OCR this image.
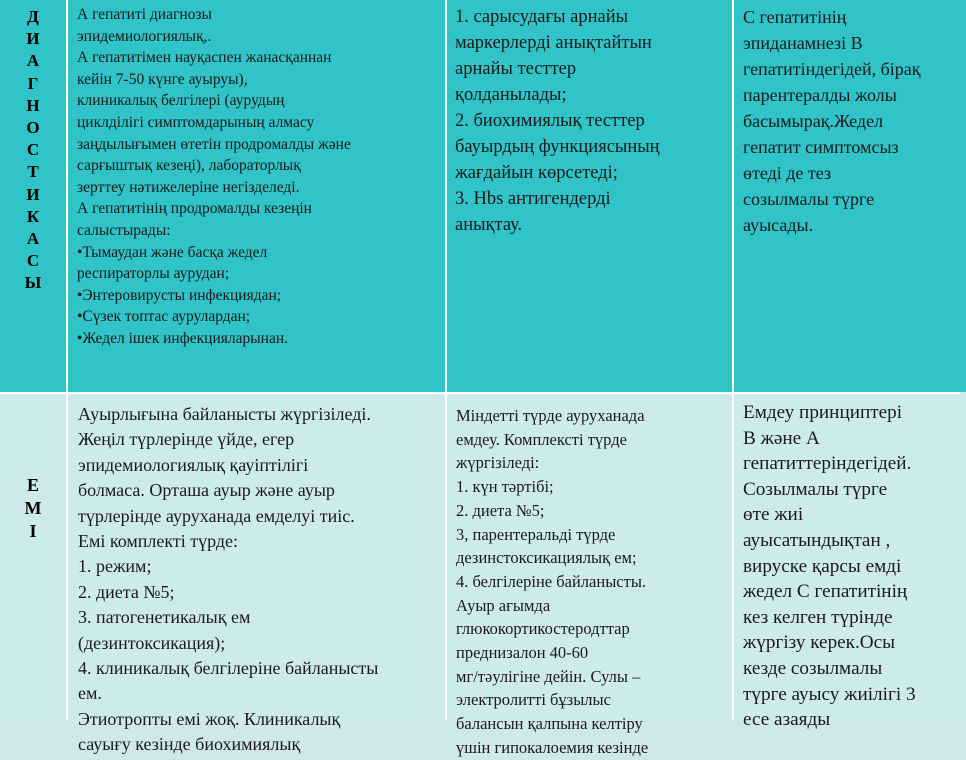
Д
И
А
Г
Н
О
С
Т
И
К
А
С
Ы
А гепатиті диагнозы
эпидемиологиялық,.
А гепатитімен науқаспен жанасқаннан
кейін 7-50 күнге ауыруы),
клиникалық белгілері (аурудың
циклділігі симптомдарының алмасу
заңдылығымен өтетін продромалды және
сарғыштық кезеңі), лабораторлық
зерттеу нәтижелеріне негізделеді.
А гепатитінің продромалды кезеңін
салыстырады:
•Тымаудан және басқа жедел
респираторлы аурудан;
•Энтеровирусты инфекциядан;
•Сүзек топтас аурулардан;
•Жедел ішек инфекцияларынан.
1. сарысудағы арнайы
маркерлерді анықтайтын
арнайы тесттер
қолданылады;
2. биохимиялық тесттер
бауырдың функциясының
жағдайын көрсетеді;
3. Hbs антигендерді
анықтау.
С гепатитінің
эпиданамнезі В
гепатитіндегідей, бірақ
парентералды жолы
басымырақ.Жедел
гепатит симптомсыз
өтеді де тез
созылмалы түрге
ауысады.
Е
М
І
Ауырлығына байланысты жүргізіледі.
Жеңіл түрлерінде үйде, егер
эпидемиологиялық қауіптілігі
болмаса. Орташа ауыр және ауыр
түрлерінде ауруханада емделуі тиіс.
Емі комплекті түрде:
1. режим;
2. диета №5;
3. патогенетикалық ем
(дезинтоксикация);
4. клиникалық белгілеріне байланысты
ем.
Этиотропты емі жоқ. Клиникалық
сауығу кезінде биохимиялық
Міндетті түрде ауруханада
емдеу. Комплексті түрде
жүргізіледі:
1. күн тәртібі;
2. диета №5;
3, парентеральді түрде
дезинстоксикациялық ем;
4. белгілеріне байланысты.
Ауыр ағымда
глюкокортикостеродттар
преднизалон 40-60
мг/тәулігіне дейін. Сулы –
электролитті бұзылыс
балансын қалпына келтіру
үшін гипокалоемия кезінде
Емдеу принциптері
В және А
гепатиттеріндегідей.
Созылмалы түрге
өте жиі
ауысатындықтан ,
вируске қарсы емді
жедел С гепатитінің
кез келген түрінде
жүргізу керек.Осы
кезде созылмалы
түрге ауысу жиілігі 3
есе азаяды
